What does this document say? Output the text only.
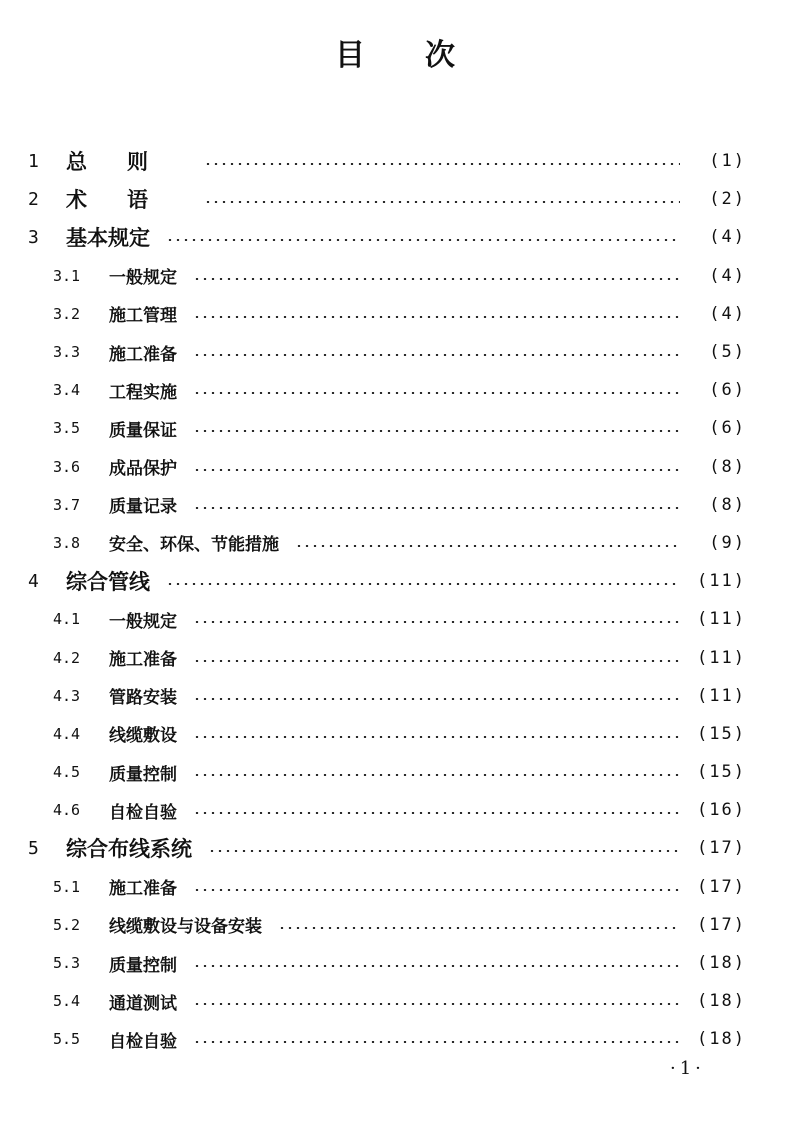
目次
1	总则	(1)
2	术语	(2)
3	基本规定	(4)
3.1	一般规定	(4)
3.2	施工管理	(4)
3.3	施工准备	(5)
3.4	工程实施	(6)
3.5	质量保证	(6)
3.6	成品保护	(8)
3.7	质量记录	(8)
3.8	安全、环保、节能措施	(9)
4	综合管线	(11)
4.1	一般规定	(11)
4.2	施工准备	(11)
4.3	管路安装	(11)
4.4	线缆敷设	(15)
4.5	质量控制	(15)
4.6	自检自验	(16)
5	综合布线系统	(17)
5.1	施工准备	(17)
5.2	线缆敷设与设备安装	(17)
5.3	质量控制	(18)
5.4	通道测试	(18)
5.5	自检自验	(18)
·1·
